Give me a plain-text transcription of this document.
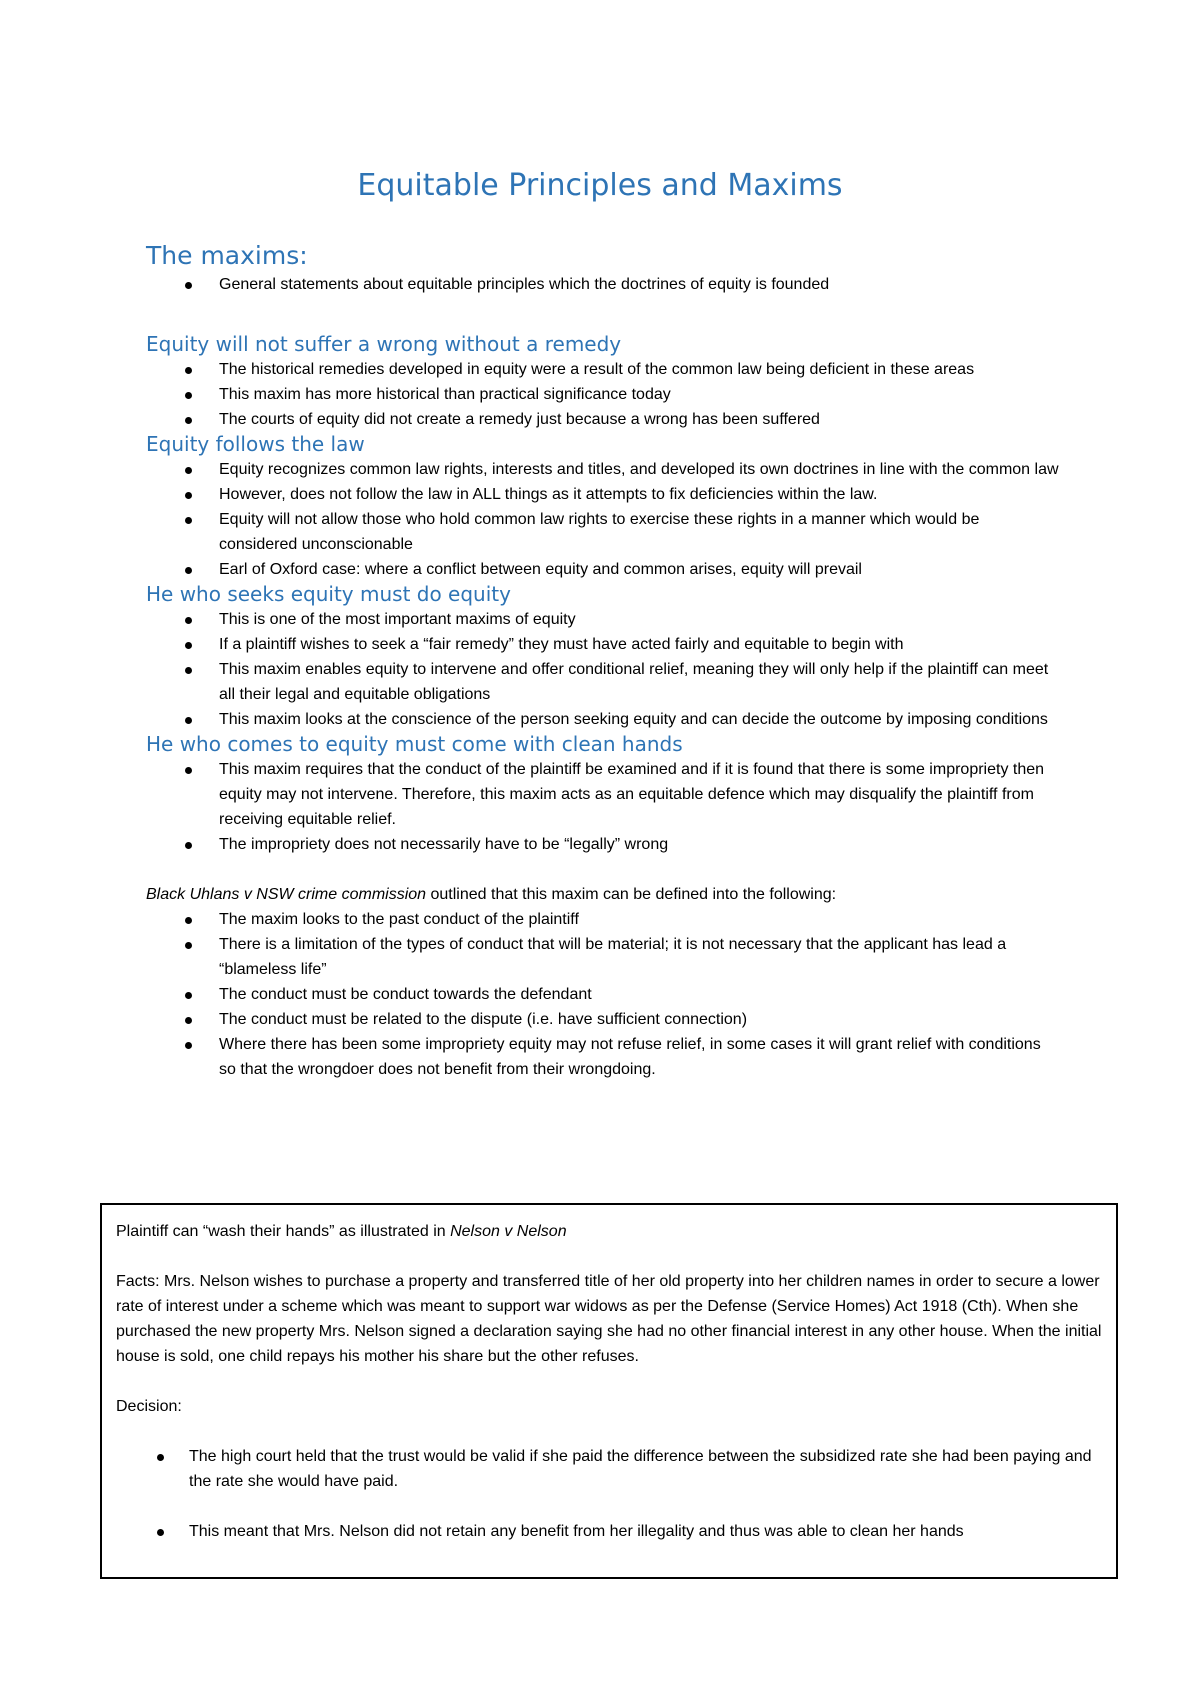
Equitable Principles and Maxims
The maxims:
General statements about equitable principles which the doctrines of equity is founded
Equity will not suffer a wrong without a remedy
The historical remedies developed in equity were a result of the common law being deficient in these areas
This maxim has more historical than practical significance today
The courts of equity did not create a remedy just because a wrong has been suffered
Equity follows the law
Equity recognizes common law rights, interests and titles, and developed its own doctrines in line with the common law
However, does not follow the law in ALL things as it attempts to fix deficiencies within the law.
Equity will not allow those who hold common law rights to exercise these rights in a manner which would be considered unconscionable
Earl of Oxford case: where a conflict between equity and common arises, equity will prevail
He who seeks equity must do equity
This is one of the most important maxims of equity
If a plaintiff wishes to seek a “fair remedy” they must have acted fairly and equitable to begin with
This maxim enables equity to intervene and offer conditional relief, meaning they will only help if the plaintiff can meet all their legal and equitable obligations
This maxim looks at the conscience of the person seeking equity and can decide the outcome by imposing conditions
He who comes to equity must come with clean hands
This maxim requires that the conduct of the plaintiff be examined and if it is found that there is some impropriety then equity may not intervene. Therefore, this maxim acts as an equitable defence which may disqualify the plaintiff from receiving equitable relief.
The impropriety does not necessarily have to be “legally” wrong
Black Uhlans v NSW crime commission outlined that this maxim can be defined into the following:
The maxim looks to the past conduct of the plaintiff
There is a limitation of the types of conduct that will be material; it is not necessary that the applicant has lead a “blameless life”
The conduct must be conduct towards the defendant
The conduct must be related to the dispute (i.e. have sufficient connection)
Where there has been some impropriety equity may not refuse relief, in some cases it will grant relief with conditions so that the wrongdoer does not benefit from their wrongdoing.

Plaintiff can “wash their hands” as illustrated in Nelson v Nelson

Facts: Mrs. Nelson wishes to purchase a property and transferred title of her old property into her children names in order to secure a lower rate of interest under a scheme which was meant to support war widows as per the Defense (Service Homes) Act 1918 (Cth). When she purchased the new property Mrs. Nelson signed a declaration saying she had no other financial interest in any other house. When the initial house is sold, one child repays his mother his share but the other refuses.

Decision:

The high court held that the trust would be valid if she paid the difference between the subsidized rate she had been paying and the rate she would have paid.
This meant that Mrs. Nelson did not retain any benefit from her illegality and thus was able to clean her hands
